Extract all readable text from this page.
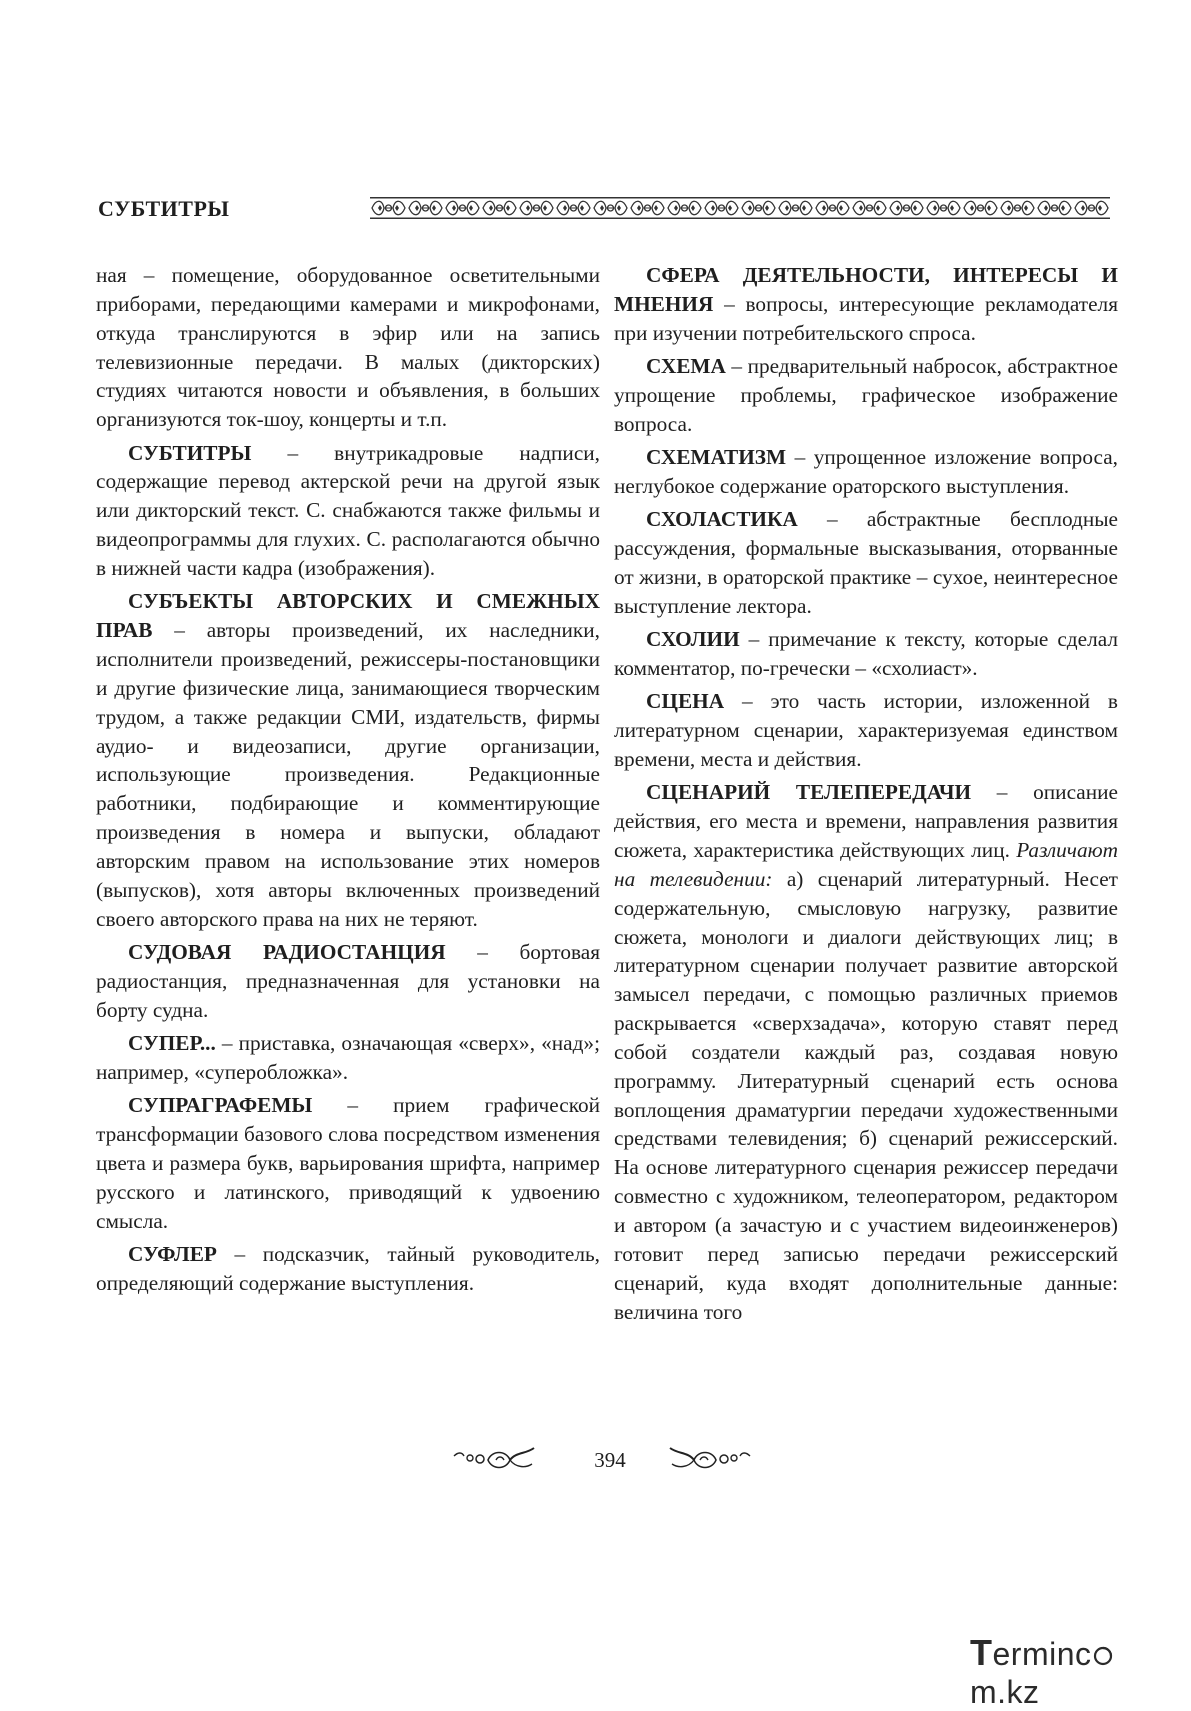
СУБТИТРЫ

ная – помещение, оборудованное осветительными приборами, передающими камерами и микрофонами, откуда транслируются в эфир или на запись телевизионные передачи. В малых (дикторских) студиях читаются новости и объявления, в больших организуются ток-шоу, концерты и т.п.

СУБТИТРЫ – внутрикадровые надписи, содержащие перевод актерской речи на другой язык или дикторский текст. С. снабжаются также фильмы и видеопрограммы для глухих. С. располагаются обычно в нижней части кадра (изображения).

СУБЪЕКТЫ АВТОРСКИХ И СМЕЖНЫХ ПРАВ – авторы произведений, их наследники, исполнители произведений, режиссеры-постановщики и другие физические лица, занимающиеся творческим трудом, а также редакции СМИ, издательств, фирмы аудио- и видеозаписи, другие организации, использующие произведения. Редакционные работники, подбирающие и комментирующие произведения в номера и выпуски, обладают авторским правом на использование этих номеров (выпусков), хотя авторы включенных произведений своего авторского права на них не теряют.

СУДОВАЯ РАДИОСТАНЦИЯ – бортовая радиостанция, предназначенная для установки на борту судна.

СУПЕР... – приставка, означающая «сверх», «над»; например, «суперобложка».

СУПРАГРАФЕМЫ – прием графической трансформации базового слова посредством изменения цвета и размера букв, варьирования шрифта, например русского и латинского, приводящий к удвоению смысла.

СУФЛЕР – подсказчик, тайный руководитель, определяющий содержание выступления.

СФЕРА ДЕЯТЕЛЬНОСТИ, ИНТЕРЕСЫ И МНЕНИЯ – вопросы, интересующие рекламодателя при изучении потребительского спроса.

СХЕМА – предварительный набросок, абстрактное упрощение проблемы, графическое изображение вопроса.

СХЕМАТИЗМ – упрощенное изложение вопроса, неглубокое содержание ораторского выступления.

СХОЛАСТИКА – абстрактные бесплодные рассуждения, формальные высказывания, оторванные от жизни, в ораторской практике – сухое, неинтересное выступление лектора.

СХОЛИИ – примечание к тексту, которые сделал комментатор, по-гречески – «схолиаст».

СЦЕНА – это часть истории, изложенной в литературном сценарии, характеризуемая единством времени, места и действия.

СЦЕНАРИЙ ТЕЛЕПЕРЕДАЧИ – описание действия, его места и времени, направления развития сюжета, характеристика действующих лиц. Различают на телевидении: а) сценарий литературный. Несет содержательную, смысловую нагрузку, развитие сюжета, монологи и диалоги действующих лиц; в литературном сценарии получает развитие авторской замысел передачи, с помощью различных приемов раскрывается «сверхзадача», которую ставят перед собой создатели каждый раз, создавая новую программу. Литературный сценарий есть основа воплощения драматургии передачи художественными средствами телевидения; б) сценарий режиссерский. На основе литературного сценария режиссер передачи совместно с художником, телеоператором, редактором и автором (а зачастую и с участием видеоинженеров) готовит перед записью передачи режиссерский сценарий, куда входят дополнительные данные: величина того

394
Termincm.kz
